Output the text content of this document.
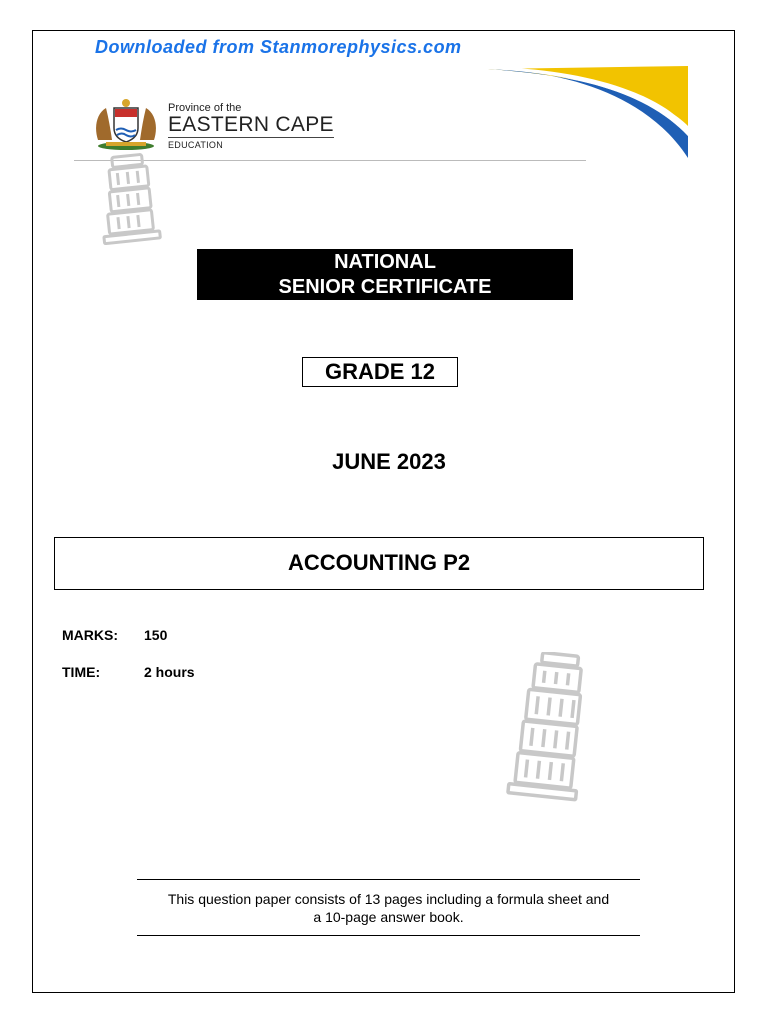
Downloaded from Stanmorephysics.com
Province of the
EASTERN CAPE
EDUCATION
NATIONAL
SENIOR CERTIFICATE
GRADE 12
JUNE 2023
ACCOUNTING P2
MARKS: 150
TIME:	2 hours
This question paper consists of 13 pages including a formula sheet and
a 10-page answer book.
